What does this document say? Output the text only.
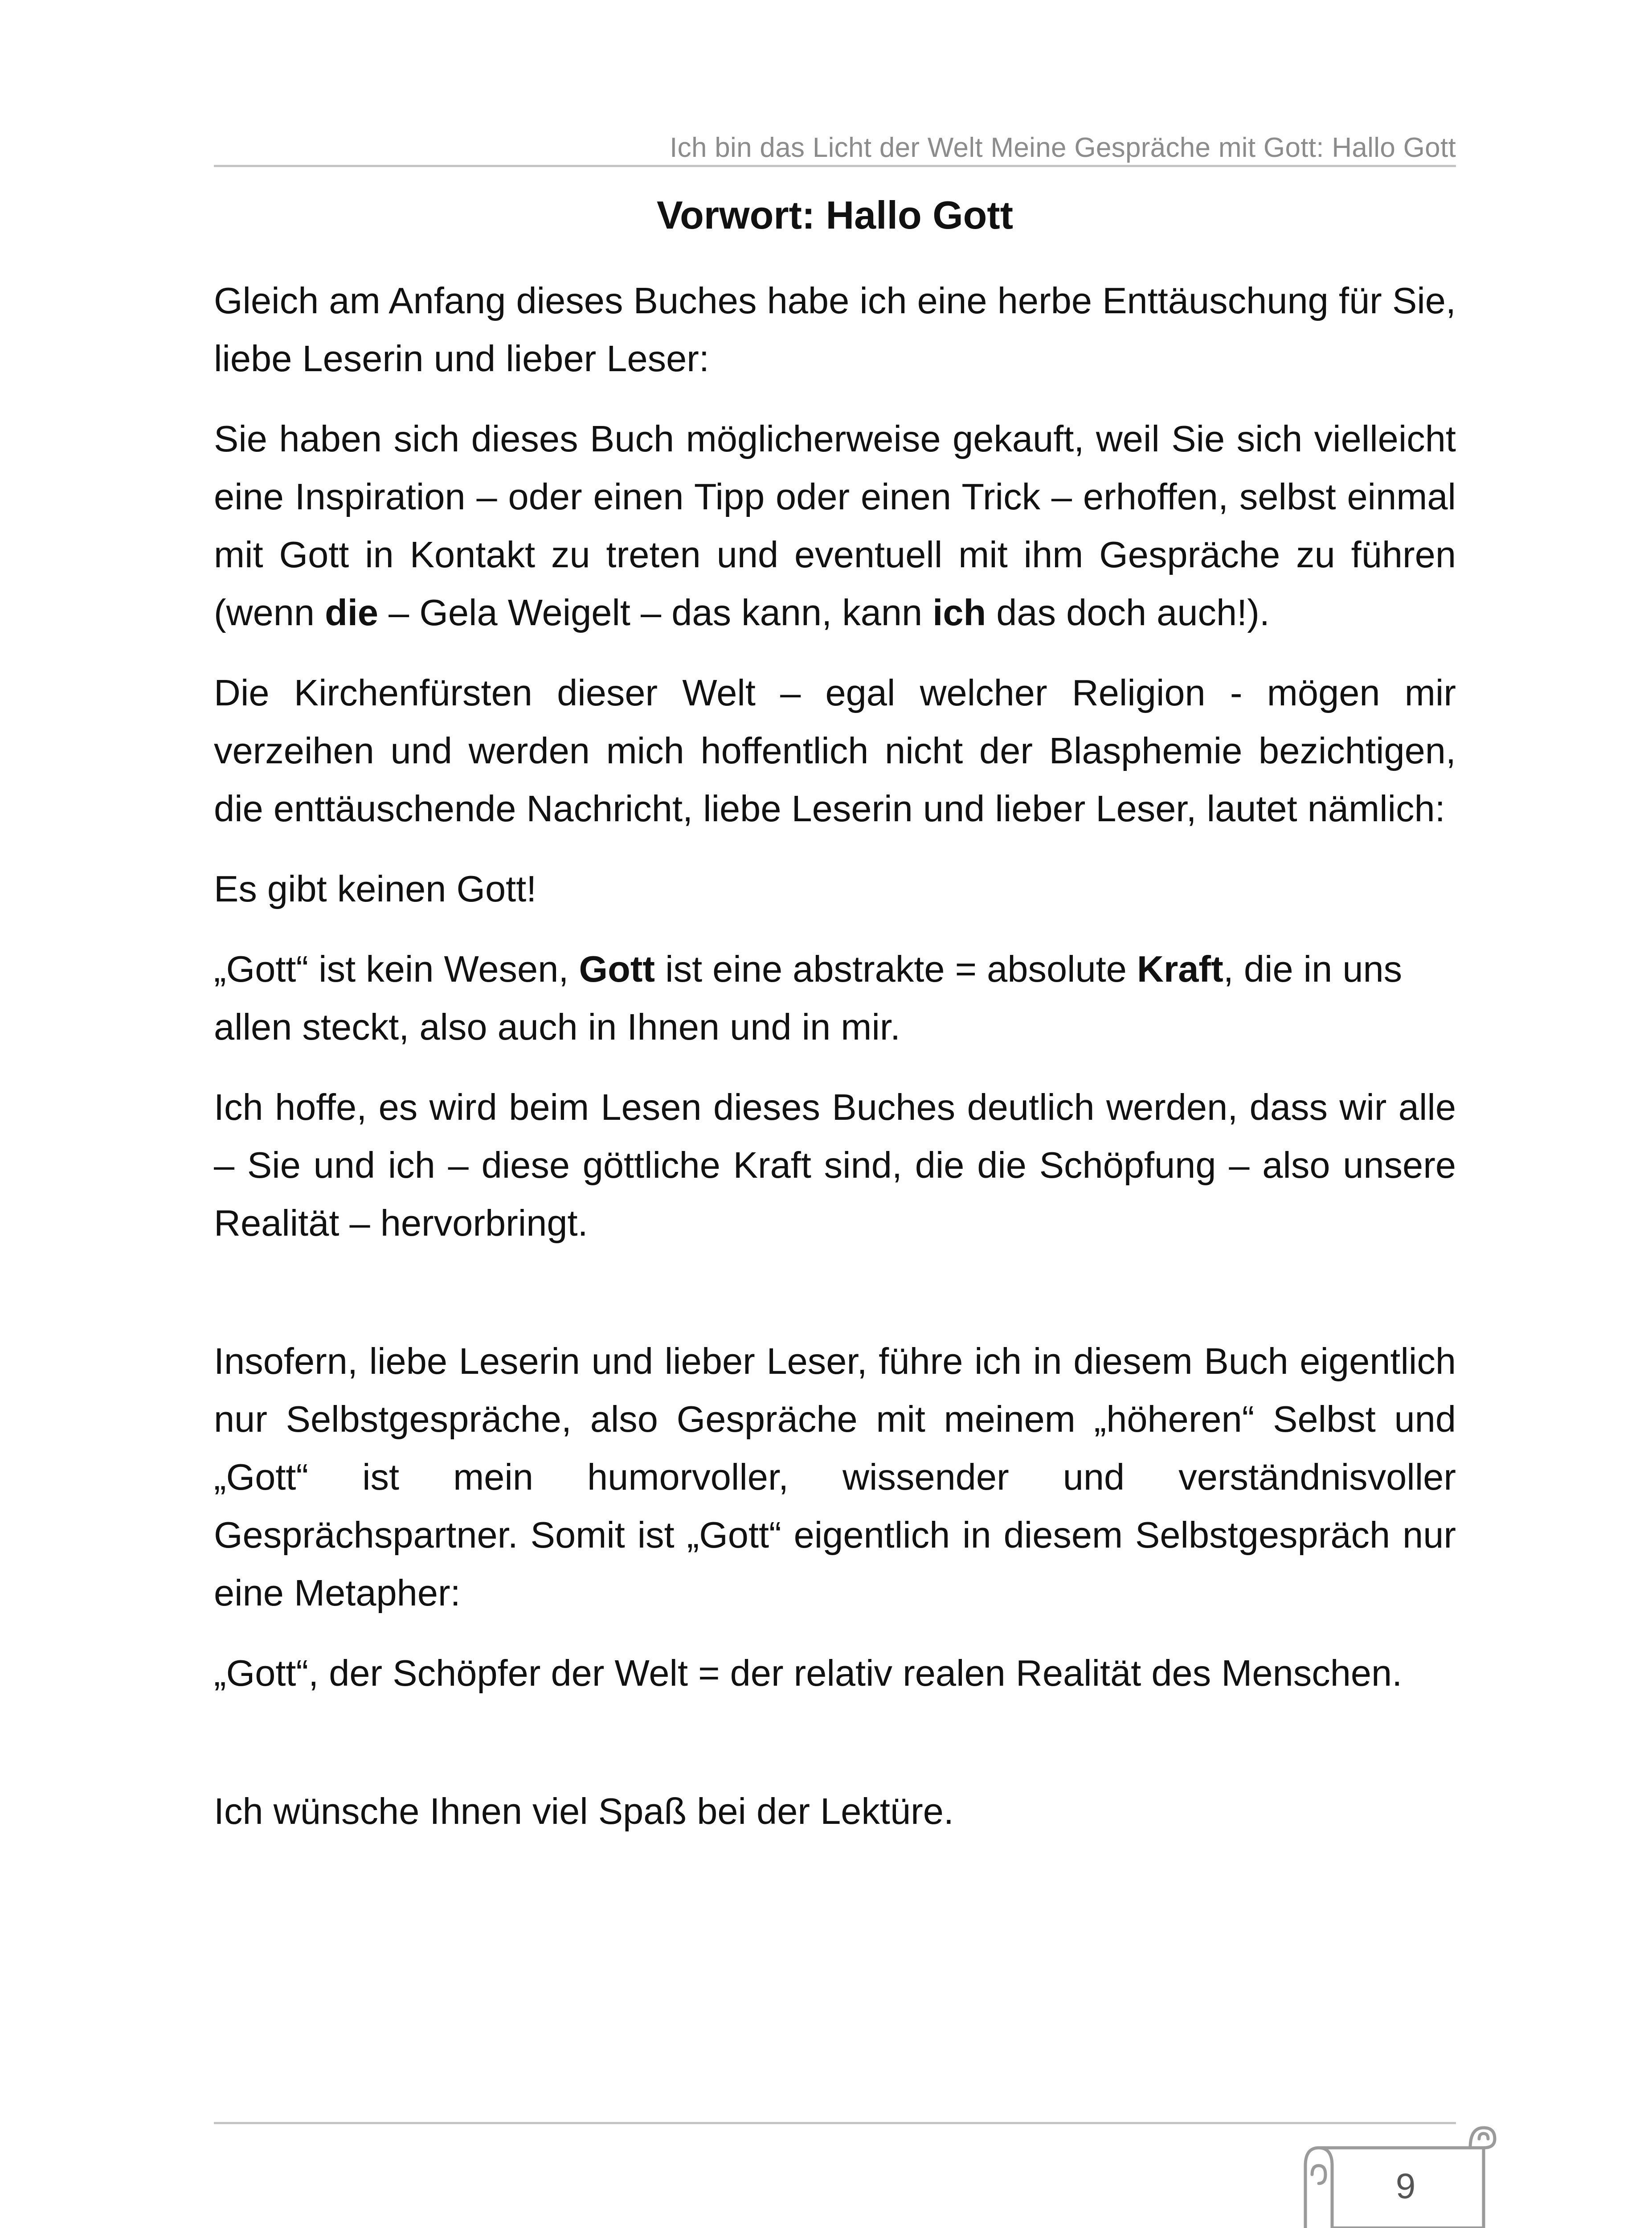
Ich bin das Licht der Welt Meine Gespräche mit Gott: Hallo Gott
Vorwort: Hallo Gott

Gleich am Anfang dieses Buches habe ich eine herbe Enttäuschung für Sie, liebe Leserin und lieber Leser:

Sie haben sich dieses Buch möglicherweise gekauft, weil Sie sich vielleicht eine Inspiration – oder einen Tipp oder einen Trick – erhoffen, selbst einmal mit Gott in Kontakt zu treten und eventuell mit ihm Gespräche zu führen (wenn die – Gela Weigelt – das kann, kann ich das doch auch!).

Die Kirchenfürsten dieser Welt – egal welcher Religion - mögen mir verzeihen und werden mich hoffentlich nicht der Blasphemie bezichtigen, die enttäuschende Nachricht, liebe Leserin und lieber Leser, lautet nämlich:

Es gibt keinen Gott!

„Gott“ ist kein Wesen, Gott ist eine abstrakte = absolute Kraft, die in uns allen steckt, also auch in Ihnen und in mir.

Ich hoffe, es wird beim Lesen dieses Buches deutlich werden, dass wir alle – Sie und ich – diese göttliche Kraft sind, die die Schöpfung – also unsere Realität – hervorbringt.

Insofern, liebe Leserin und lieber Leser, führe ich in diesem Buch eigentlich nur Selbstgespräche, also Gespräche mit meinem „höheren“ Selbst und „Gott“ ist mein humorvoller, wissender und verständnisvoller Gesprächspartner. Somit ist „Gott“ eigentlich in diesem Selbstgespräch nur eine Metapher:

„Gott“, der Schöpfer der Welt = der relativ realen Realität des Menschen.

Ich wünsche Ihnen viel Spaß bei der Lektüre.

9
